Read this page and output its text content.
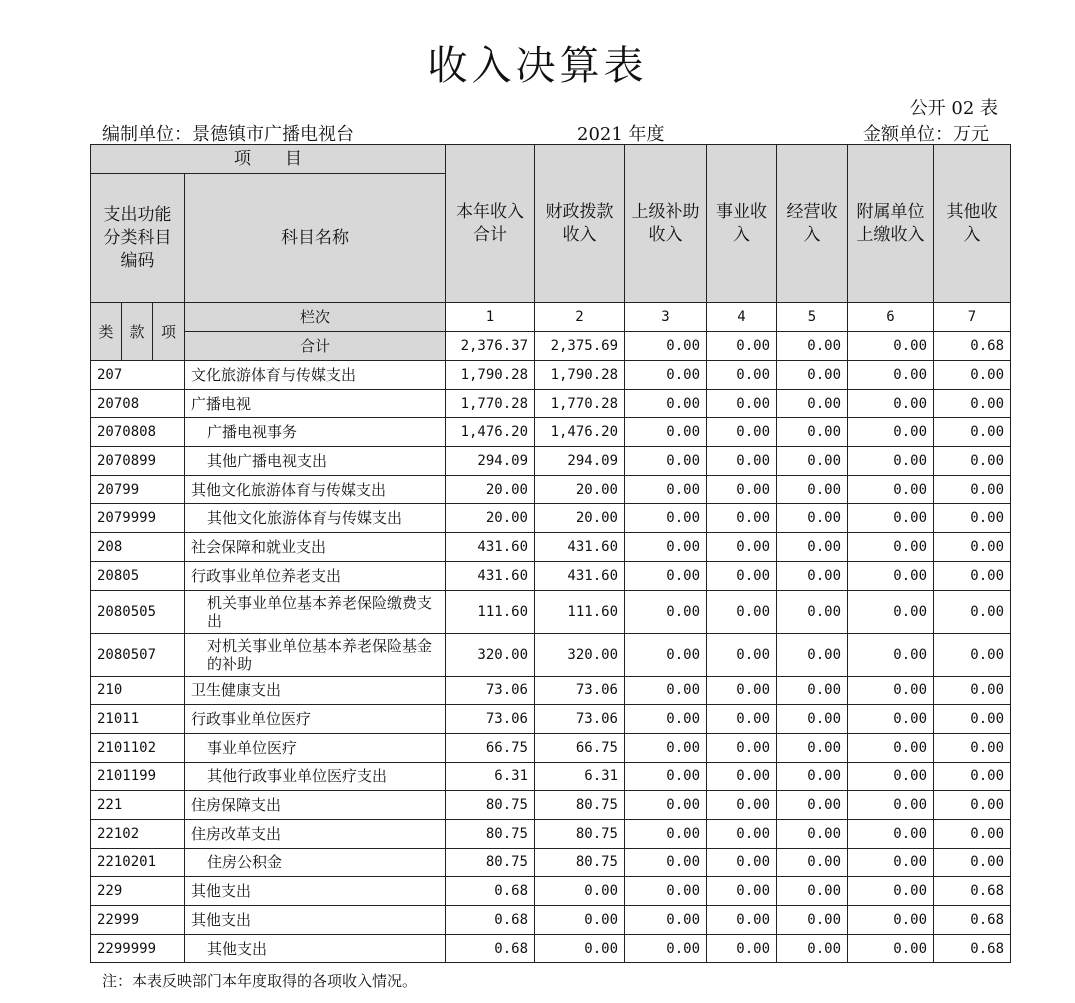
收入决算表
公开 02 表
编制单位：景德镇市广播电视台	2021 年度	金额单位：万元
项　　目				本年收入合计	财政拨款收入	上级补助收入	事业收入	经营收入	附属单位上缴收入	其他收入
支出功能分类科目编码			科目名称							
类	款	项	栏次	1	2	3	4	5	6	7
			合计	2,376.37	2,375.69	0.00	0.00	0.00	0.00	0.68
207			文化旅游体育与传媒支出	1,790.28	1,790.28	0.00	0.00	0.00	0.00	0.00
20708			广播电视	1,770.28	1,770.28	0.00	0.00	0.00	0.00	0.00
2070808			广播电视事务	1,476.20	1,476.20	0.00	0.00	0.00	0.00	0.00
2070899			其他广播电视支出	294.09	294.09	0.00	0.00	0.00	0.00	0.00
20799			其他文化旅游体育与传媒支出	20.00	20.00	0.00	0.00	0.00	0.00	0.00
2079999			其他文化旅游体育与传媒支出	20.00	20.00	0.00	0.00	0.00	0.00	0.00
208			社会保障和就业支出	431.60	431.60	0.00	0.00	0.00	0.00	0.00
20805			行政事业单位养老支出	431.60	431.60	0.00	0.00	0.00	0.00	0.00
2080505			机关事业单位基本养老保险缴费支出	111.60	111.60	0.00	0.00	0.00	0.00	0.00
2080507			对机关事业单位基本养老保险基金的补助	320.00	320.00	0.00	0.00	0.00	0.00	0.00
210			卫生健康支出	73.06	73.06	0.00	0.00	0.00	0.00	0.00
21011			行政事业单位医疗	73.06	73.06	0.00	0.00	0.00	0.00	0.00
2101102			事业单位医疗	66.75	66.75	0.00	0.00	0.00	0.00	0.00
2101199			其他行政事业单位医疗支出	6.31	6.31	0.00	0.00	0.00	0.00	0.00
221			住房保障支出	80.75	80.75	0.00	0.00	0.00	0.00	0.00
22102			住房改革支出	80.75	80.75	0.00	0.00	0.00	0.00	0.00
2210201			住房公积金	80.75	80.75	0.00	0.00	0.00	0.00	0.00
229			其他支出	0.68	0.00	0.00	0.00	0.00	0.00	0.68
22999			其他支出	0.68	0.00	0.00	0.00	0.00	0.00	0.68
2299999			其他支出	0.68	0.00	0.00	0.00	0.00	0.00	0.68
注：本表反映部门本年度取得的各项收入情况。
